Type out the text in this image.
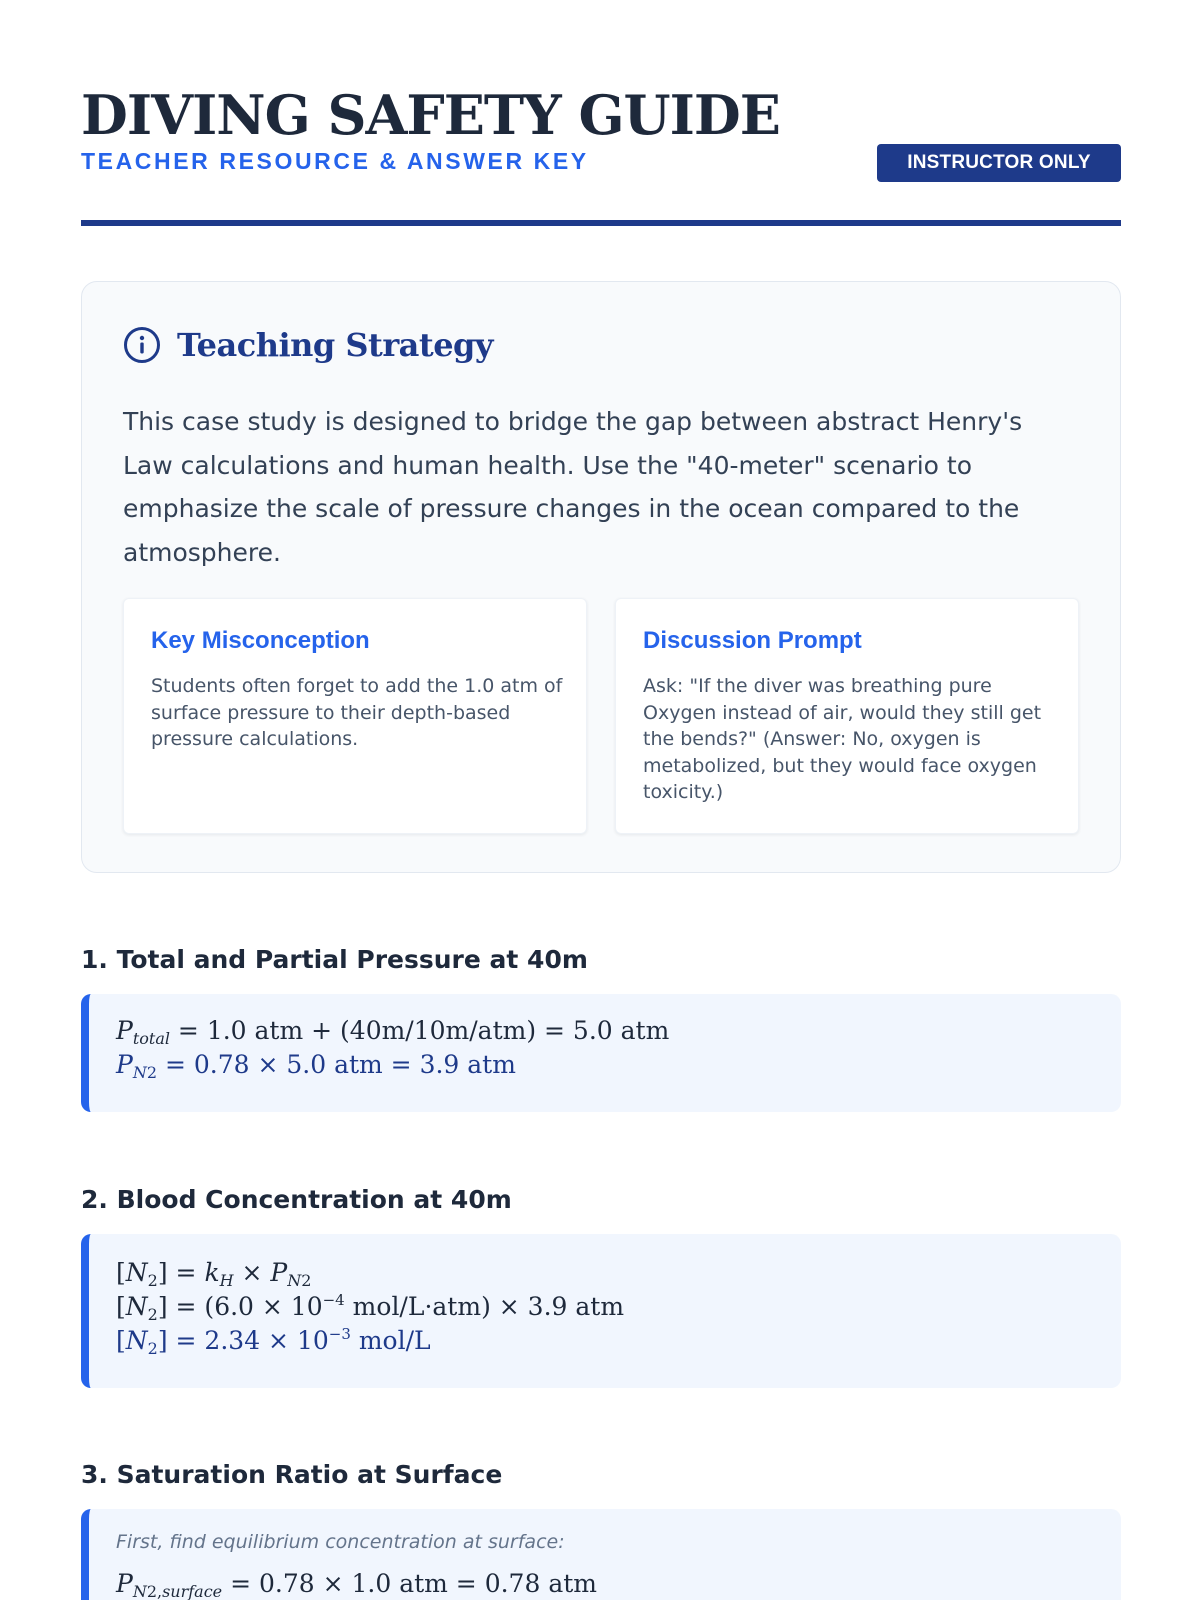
DIVING SAFETY GUIDE
TEACHER RESOURCE & ANSWER KEY	INSTRUCTOR ONLY
Teaching Strategy
This case study is designed to bridge the gap between abstract Henry's Law calculations and human health. Use the "40-meter" scenario to emphasize the scale of pressure changes in the ocean compared to the atmosphere.
Key Misconception
Students often forget to add the 1.0 atm of surface pressure to their depth-based pressure calculations.
Discussion Prompt
Ask: "If the diver was breathing pure Oxygen instead of air, would they still get the bends?" (Answer: No, oxygen is metabolized, but they would face oxygen toxicity.)
1. Total and Partial Pressure at 40m
$P_{total} = 1.0$ atm + (40m/10m/atm) = 5.0 atm
$P_{N2} = 0.78 \times 5.0$ atm = 3.9 atm
2. Blood Concentration at 40m
$[N_2] = k_H \times P_{N2}$
$[N_2] = (6.0 \times 10^{-4}$ mol/L·atm) × 3.9 atm
$[N_2] = 2.34 \times 10^{-3}$ mol/L
3. Saturation Ratio at Surface
First, find equilibrium concentration at surface:
$P_{N2,surface} = 0.78 \times 1.0$ atm = 0.78 atm
